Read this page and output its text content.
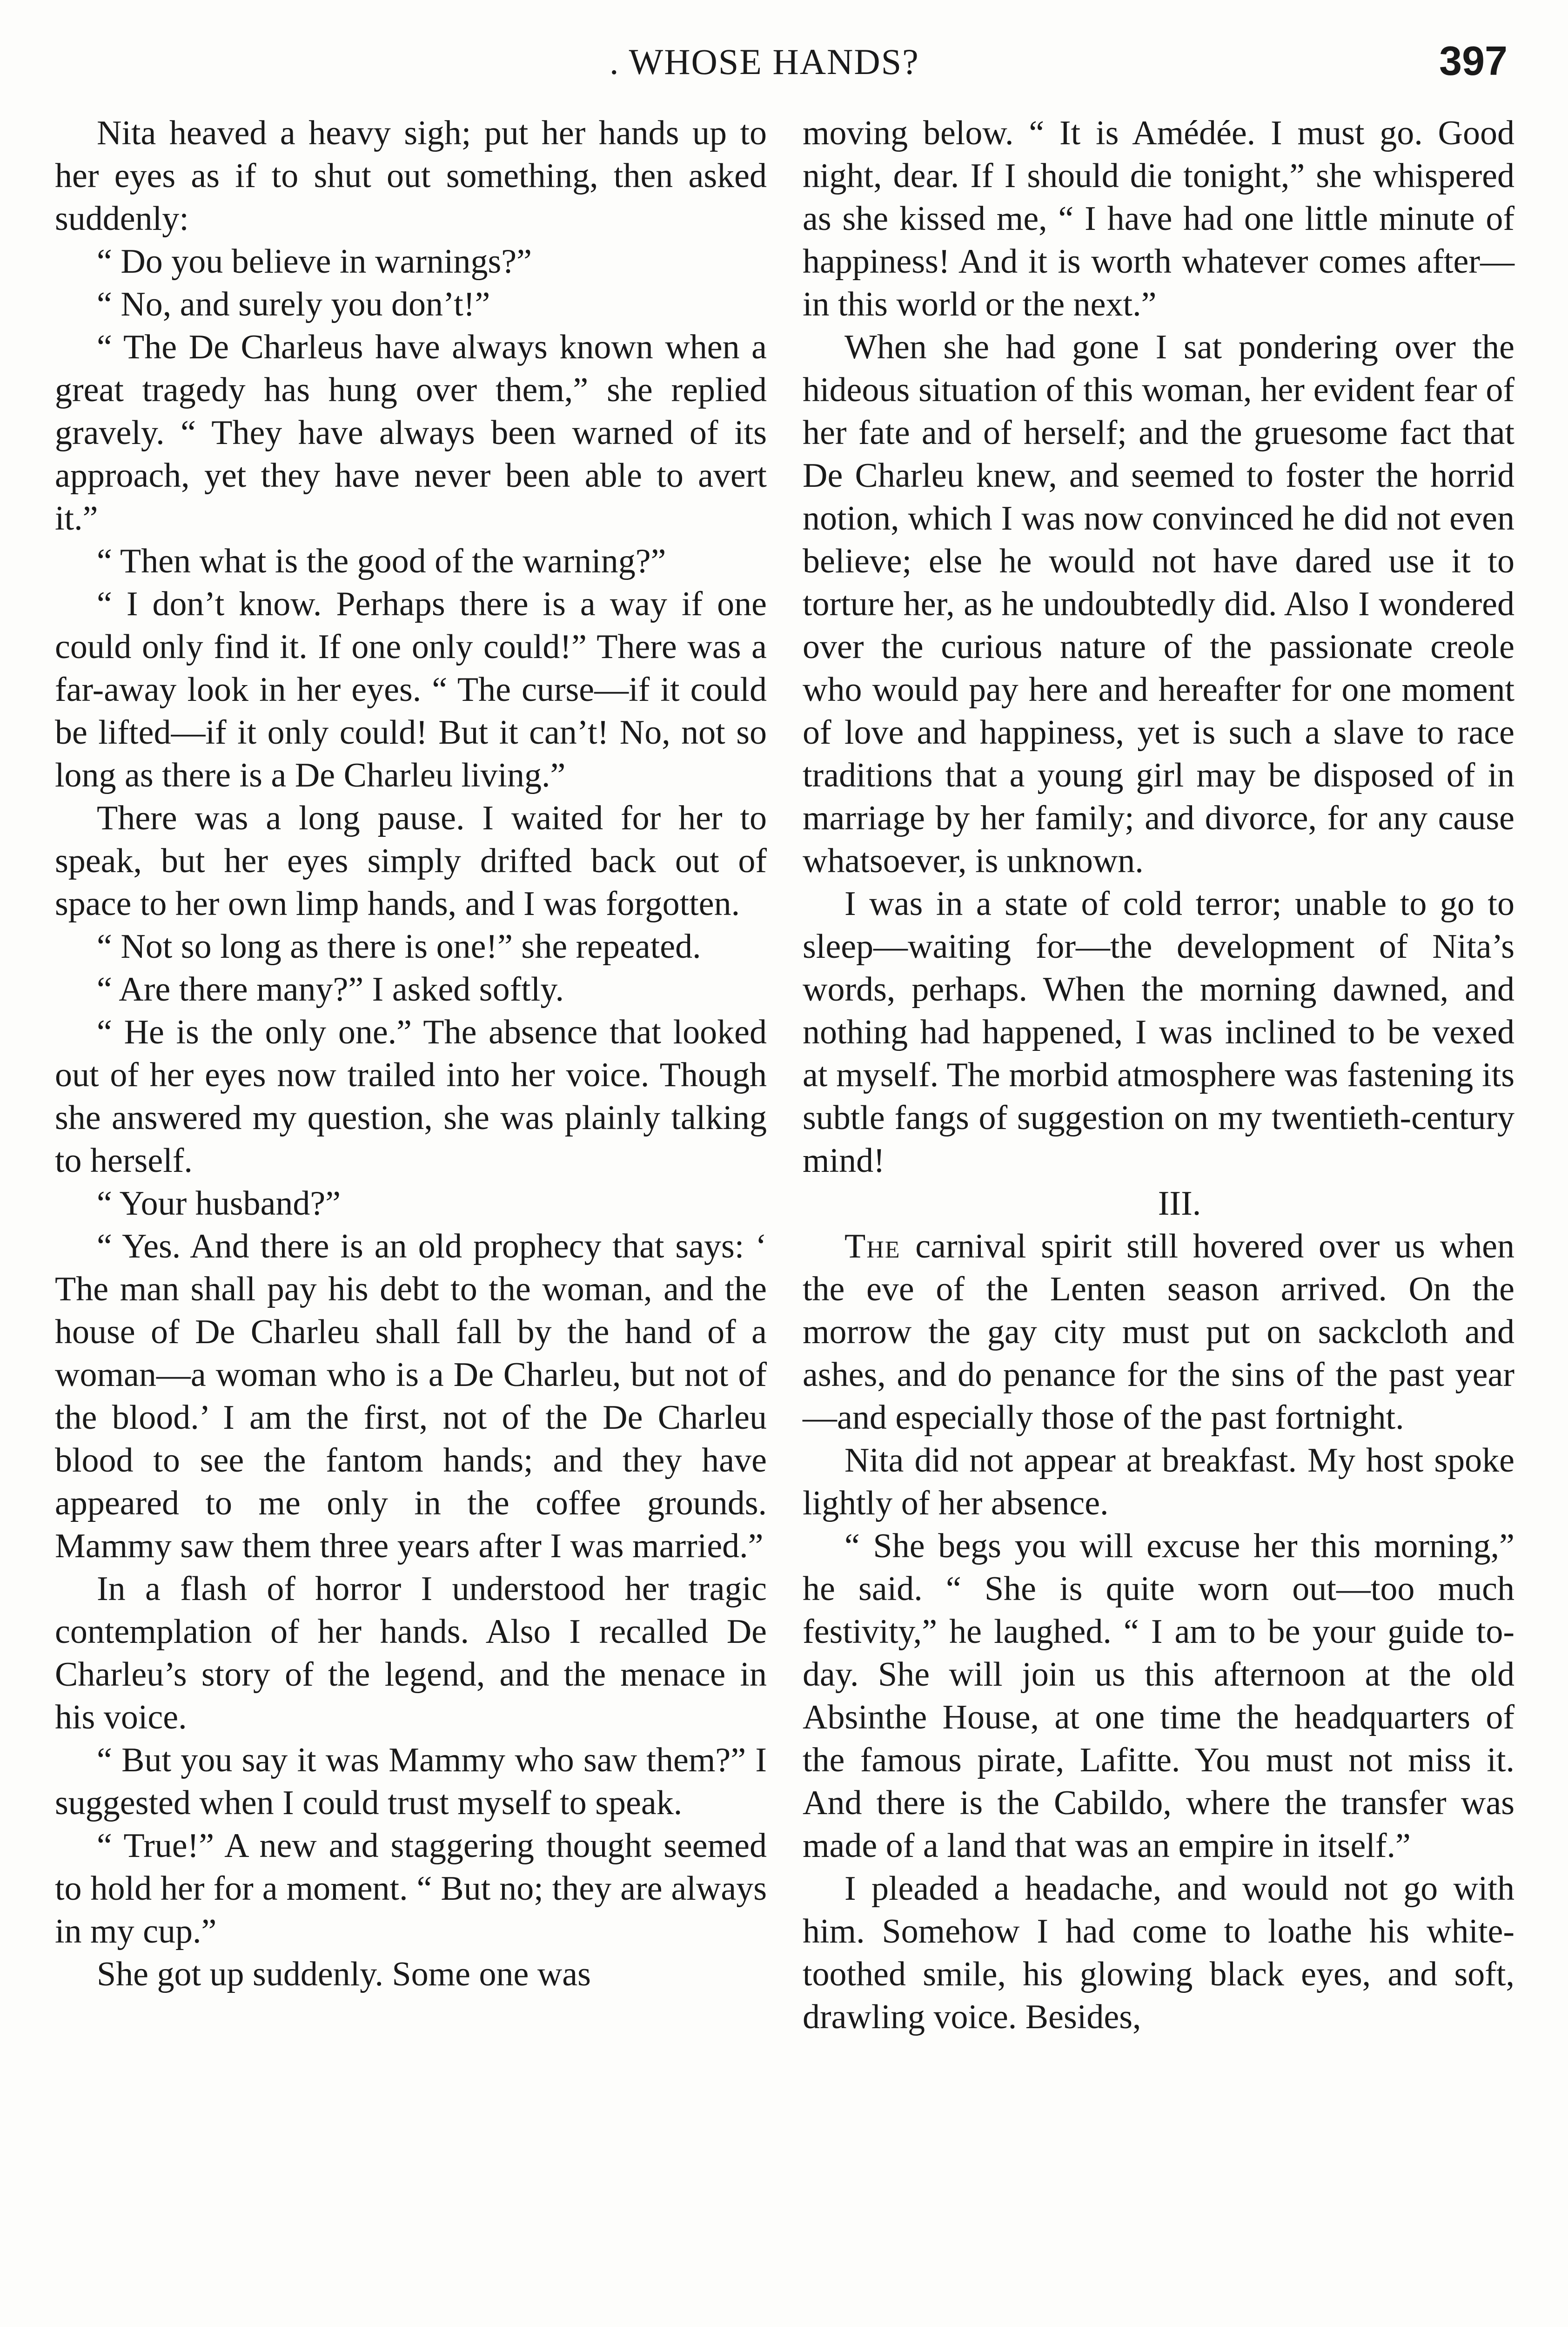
. WHOSE HANDS?	397

Nita heaved a heavy sigh; put her hands up to her eyes as if to shut out something, then asked suddenly:

“ Do you believe in warnings?”

“ No, and surely you don’t!”

“ The De Charleus have always known when a great tragedy has hung over them,” she replied gravely. “ They have always been warned of its approach, yet they have never been able to avert it.”

“ Then what is the good of the warning?”

“ I don’t know. Perhaps there is a way if one could only find it. If one only could!” There was a far-away look in her eyes. “ The curse—if it could be lifted—if it only could! But it can’t! No, not so long as there is a De Charleu living.”

There was a long pause. I waited for her to speak, but her eyes simply drifted back out of space to her own limp hands, and I was forgotten.

“ Not so long as there is one!” she repeated.

“ Are there many?” I asked softly.

“ He is the only one.” The absence that looked out of her eyes now trailed into her voice. Though she answered my question, she was plainly talking to herself.

“ Your husband?”

“ Yes. And there is an old prophecy that says: ‘ The man shall pay his debt to the woman, and the house of De Charleu shall fall by the hand of a woman—a woman who is a De Charleu, but not of the blood.’ I am the first, not of the De Charleu blood to see the fantom hands; and they have appeared to me only in the coffee grounds. Mammy saw them three years after I was married.”

In a flash of horror I understood her tragic contemplation of her hands. Also I recalled De Charleu’s story of the legend, and the menace in his voice.

“ But you say it was Mammy who saw them?” I suggested when I could trust myself to speak.

“ True!” A new and staggering thought seemed to hold her for a moment. “ But no; they are always in my cup.”

She got up suddenly. Some one was

moving below. “ It is Amédée. I must go. Good night, dear. If I should die tonight,” she whispered as she kissed me, “ I have had one little minute of happiness! And it is worth whatever comes after—in this world or the next.”

When she had gone I sat pondering over the hideous situation of this woman, her evident fear of her fate and of herself; and the gruesome fact that De Charleu knew, and seemed to foster the horrid notion, which I was now convinced he did not even believe; else he would not have dared use it to torture her, as he undoubtedly did. Also I wondered over the curious nature of the passionate creole who would pay here and hereafter for one moment of love and happiness, yet is such a slave to race traditions that a young girl may be disposed of in marriage by her family; and divorce, for any cause whatsoever, is unknown.

I was in a state of cold terror; unable to go to sleep—waiting for—the development of Nita’s words, perhaps. When the morning dawned, and nothing had happened, I was inclined to be vexed at myself. The morbid atmosphere was fastening its subtle fangs of suggestion on my twentieth-century mind!

III.

The carnival spirit still hovered over us when the eve of the Lenten season arrived. On the morrow the gay city must put on sackcloth and ashes, and do penance for the sins of the past year—and especially those of the past fortnight.

Nita did not appear at breakfast. My host spoke lightly of her absence.

“ She begs you will excuse her this morning,” he said. “ She is quite worn out—too much festivity,” he laughed. “ I am to be your guide to-day. She will join us this afternoon at the old Absinthe House, at one time the headquarters of the famous pirate, Lafitte. You must not miss it. And there is the Cabildo, where the transfer was made of a land that was an empire in itself.”

I pleaded a headache, and would not go with him. Somehow I had come to loathe his white-toothed smile, his glowing black eyes, and soft, drawling voice. Besides,
